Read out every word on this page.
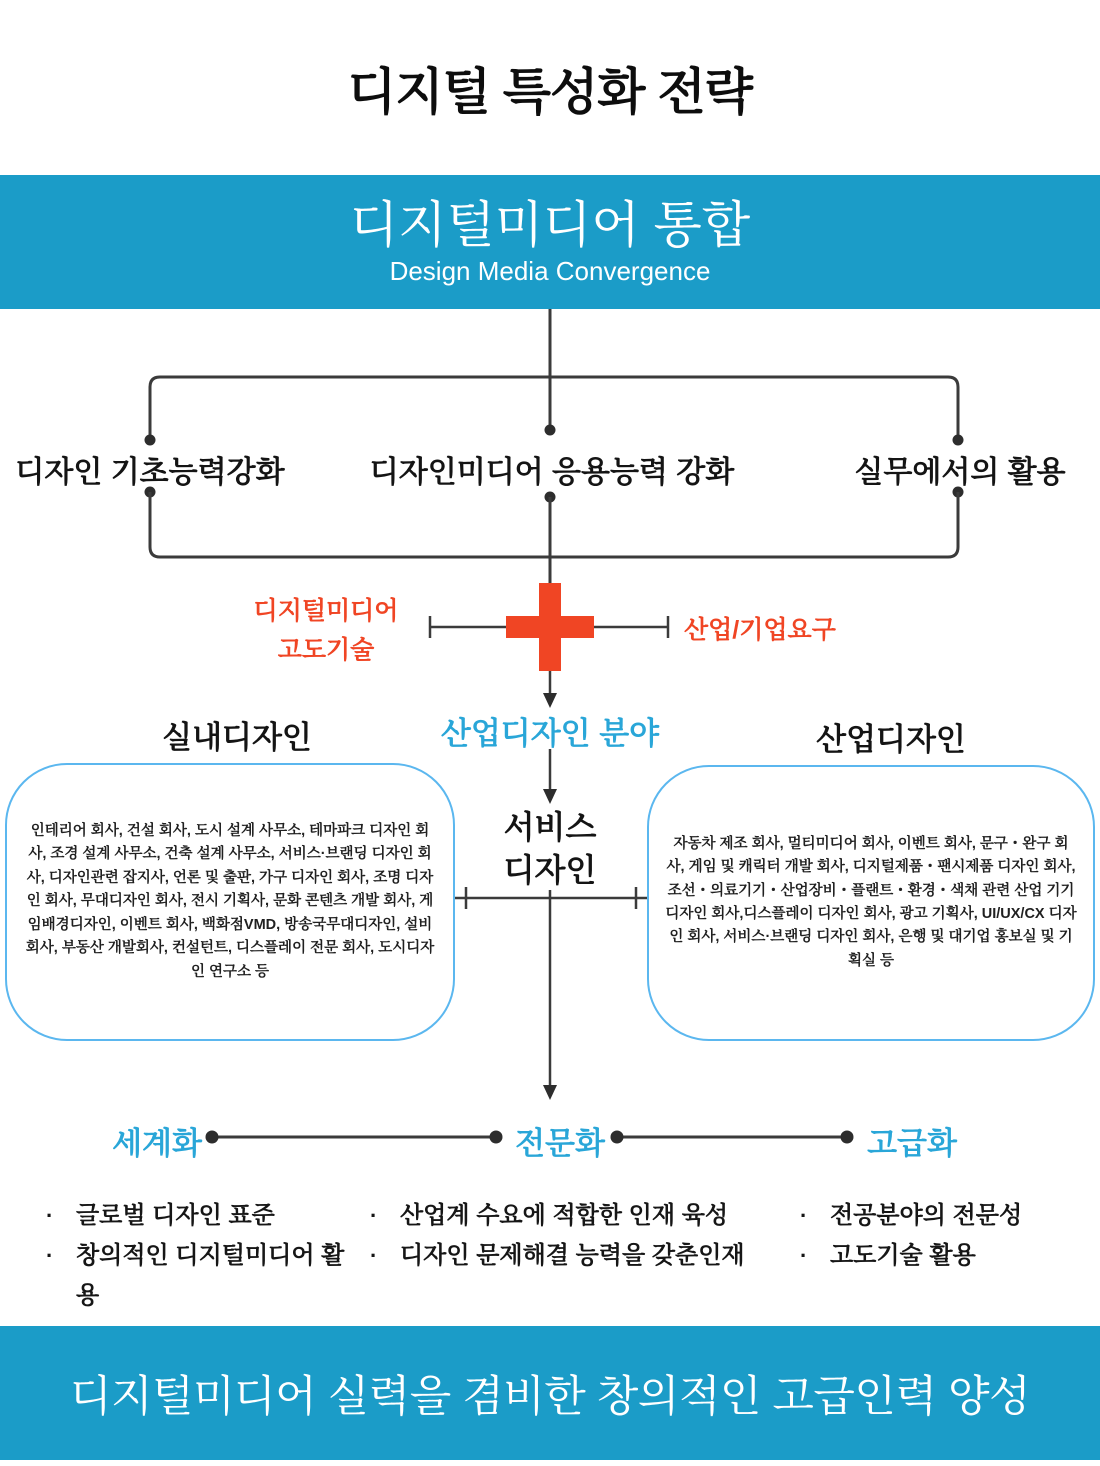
디지털 특성화 전략
디지털미디어 통합
Design Media Convergence
디자인 기초능력강화	디자인미디어 응용능력 강화	실무에서의 활용
디지털미디어
고도기술
산업/기업요구
산업디자인 분야
실내디자인	산업디자인
서비스
디자인
인테리어 회사, 건설 회사, 도시 설계 사무소, 테마파크 디자인 회사, 조경 설계 사무소, 건축 설계 사무소, 서비스·브랜딩 디자인 회사, 디자인관련 잡지사, 언론 및 출판, 가구 디자인 회사, 조명 디자인 회사, 무대디자인 회사, 전시 기획사, 문화 콘텐츠 개발 회사, 게임배경디자인, 이벤트 회사, 백화점VMD, 방송국무대디자인, 설비 회사, 부동산 개발회사, 컨설턴트, 디스플레이 전문 회사, 도시디자인 연구소 등
자동차 제조 회사, 멀티미디어 회사, 이벤트 회사, 문구・완구 회사, 게임 및 캐릭터 개발 회사, 디지털제품・팬시제품 디자인 회사, 조선・의료기기・산업장비・플랜트・환경・색채 관련 산업 기기 디자인 회사,디스플레이 디자인 회사, 광고 기획사, UI/UX/CX 디자인 회사, 서비스·브랜딩 디자인 회사, 은행 및 대기업 홍보실 및 기획실 등
세계화	전문화	고급화
· 글로벌 디자인 표준
· 창의적인 디지털미디어 활용
· 산업계 수요에 적합한 인재 육성
· 디자인 문제해결 능력을 갖춘인재
· 전공분야의 전문성
· 고도기술 활용
디지털미디어 실력을 겸비한 창의적인 고급인력 양성
